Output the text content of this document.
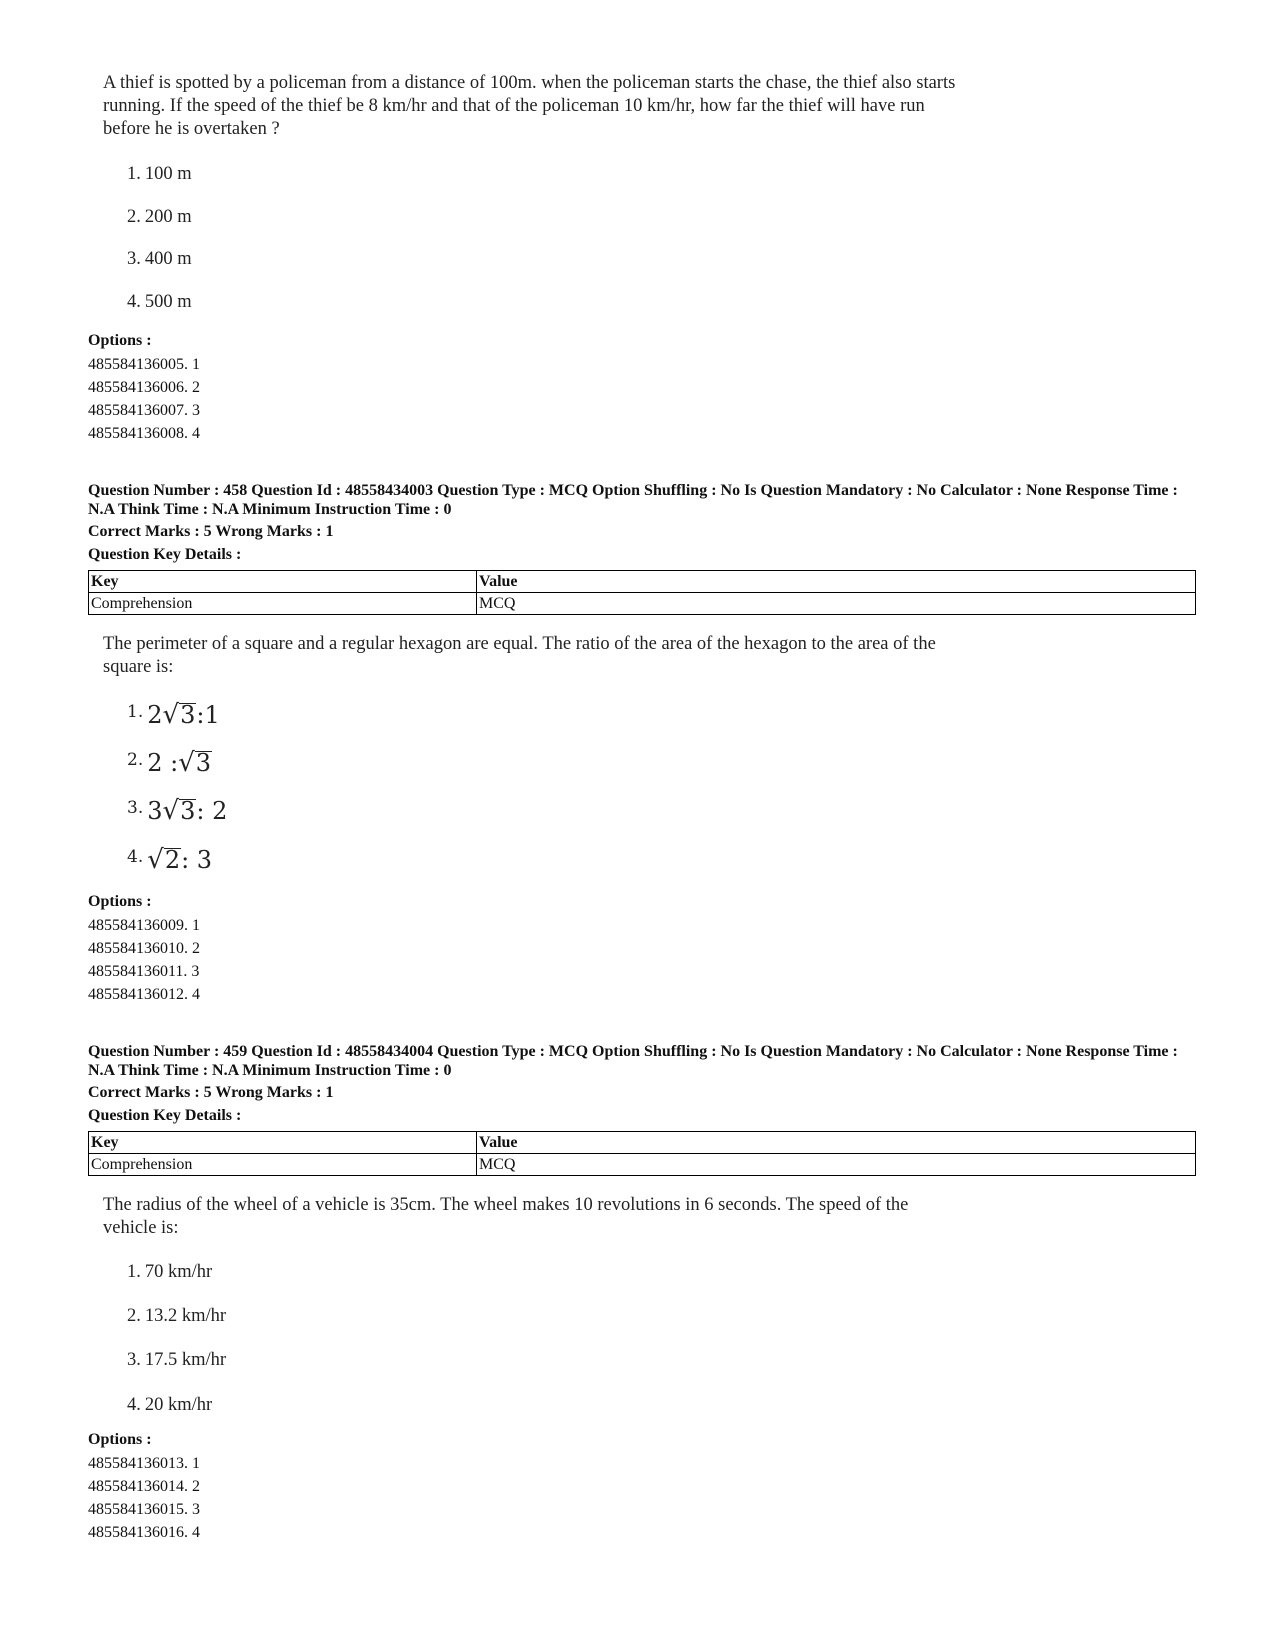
A thief is spotted by a policeman from a distance of 100m. when the policeman starts the chase, the thief also starts running. If the speed of the thief be 8 km/hr and that of the policeman 10 km/hr, how far the thief will have run before he is overtaken ?
1. 100 m
2. 200 m
3. 400 m
4. 500 m
Options :
485584136005. 1
485584136006. 2
485584136007. 3
485584136008. 4
Question Number : 458 Question Id : 48558434003 Question Type : MCQ Option Shuffling : No Is Question Mandatory : No Calculator : None Response Time : N.A Think Time : N.A Minimum Instruction Time : 0
Correct Marks : 5 Wrong Marks : 1
Question Key Details :
Key	Value
Comprehension	MCQ
The perimeter of a square and a regular hexagon are equal. The ratio of the area of the hexagon to the area of the square is:
$^{1.}$ 2√3:1
$^{2.}$ 2 :√3
$^{3.}$ 3√3: 2
$^{4.}$ √2: 3
Options :
485584136009. 1
485584136010. 2
485584136011. 3
485584136012. 4
Question Number : 459 Question Id : 48558434004 Question Type : MCQ Option Shuffling : No Is Question Mandatory : No Calculator : None Response Time : N.A Think Time : N.A Minimum Instruction Time : 0
Correct Marks : 5 Wrong Marks : 1
Question Key Details :
Key	Value
Comprehension	MCQ
The radius of the wheel of a vehicle is 35cm. The wheel makes 10 revolutions in 6 seconds. The speed of the vehicle is:
1. 70 km/hr
2. 13.2 km/hr
3. 17.5 km/hr
4. 20 km/hr
Options :
485584136013. 1
485584136014. 2
485584136015. 3
485584136016. 4
